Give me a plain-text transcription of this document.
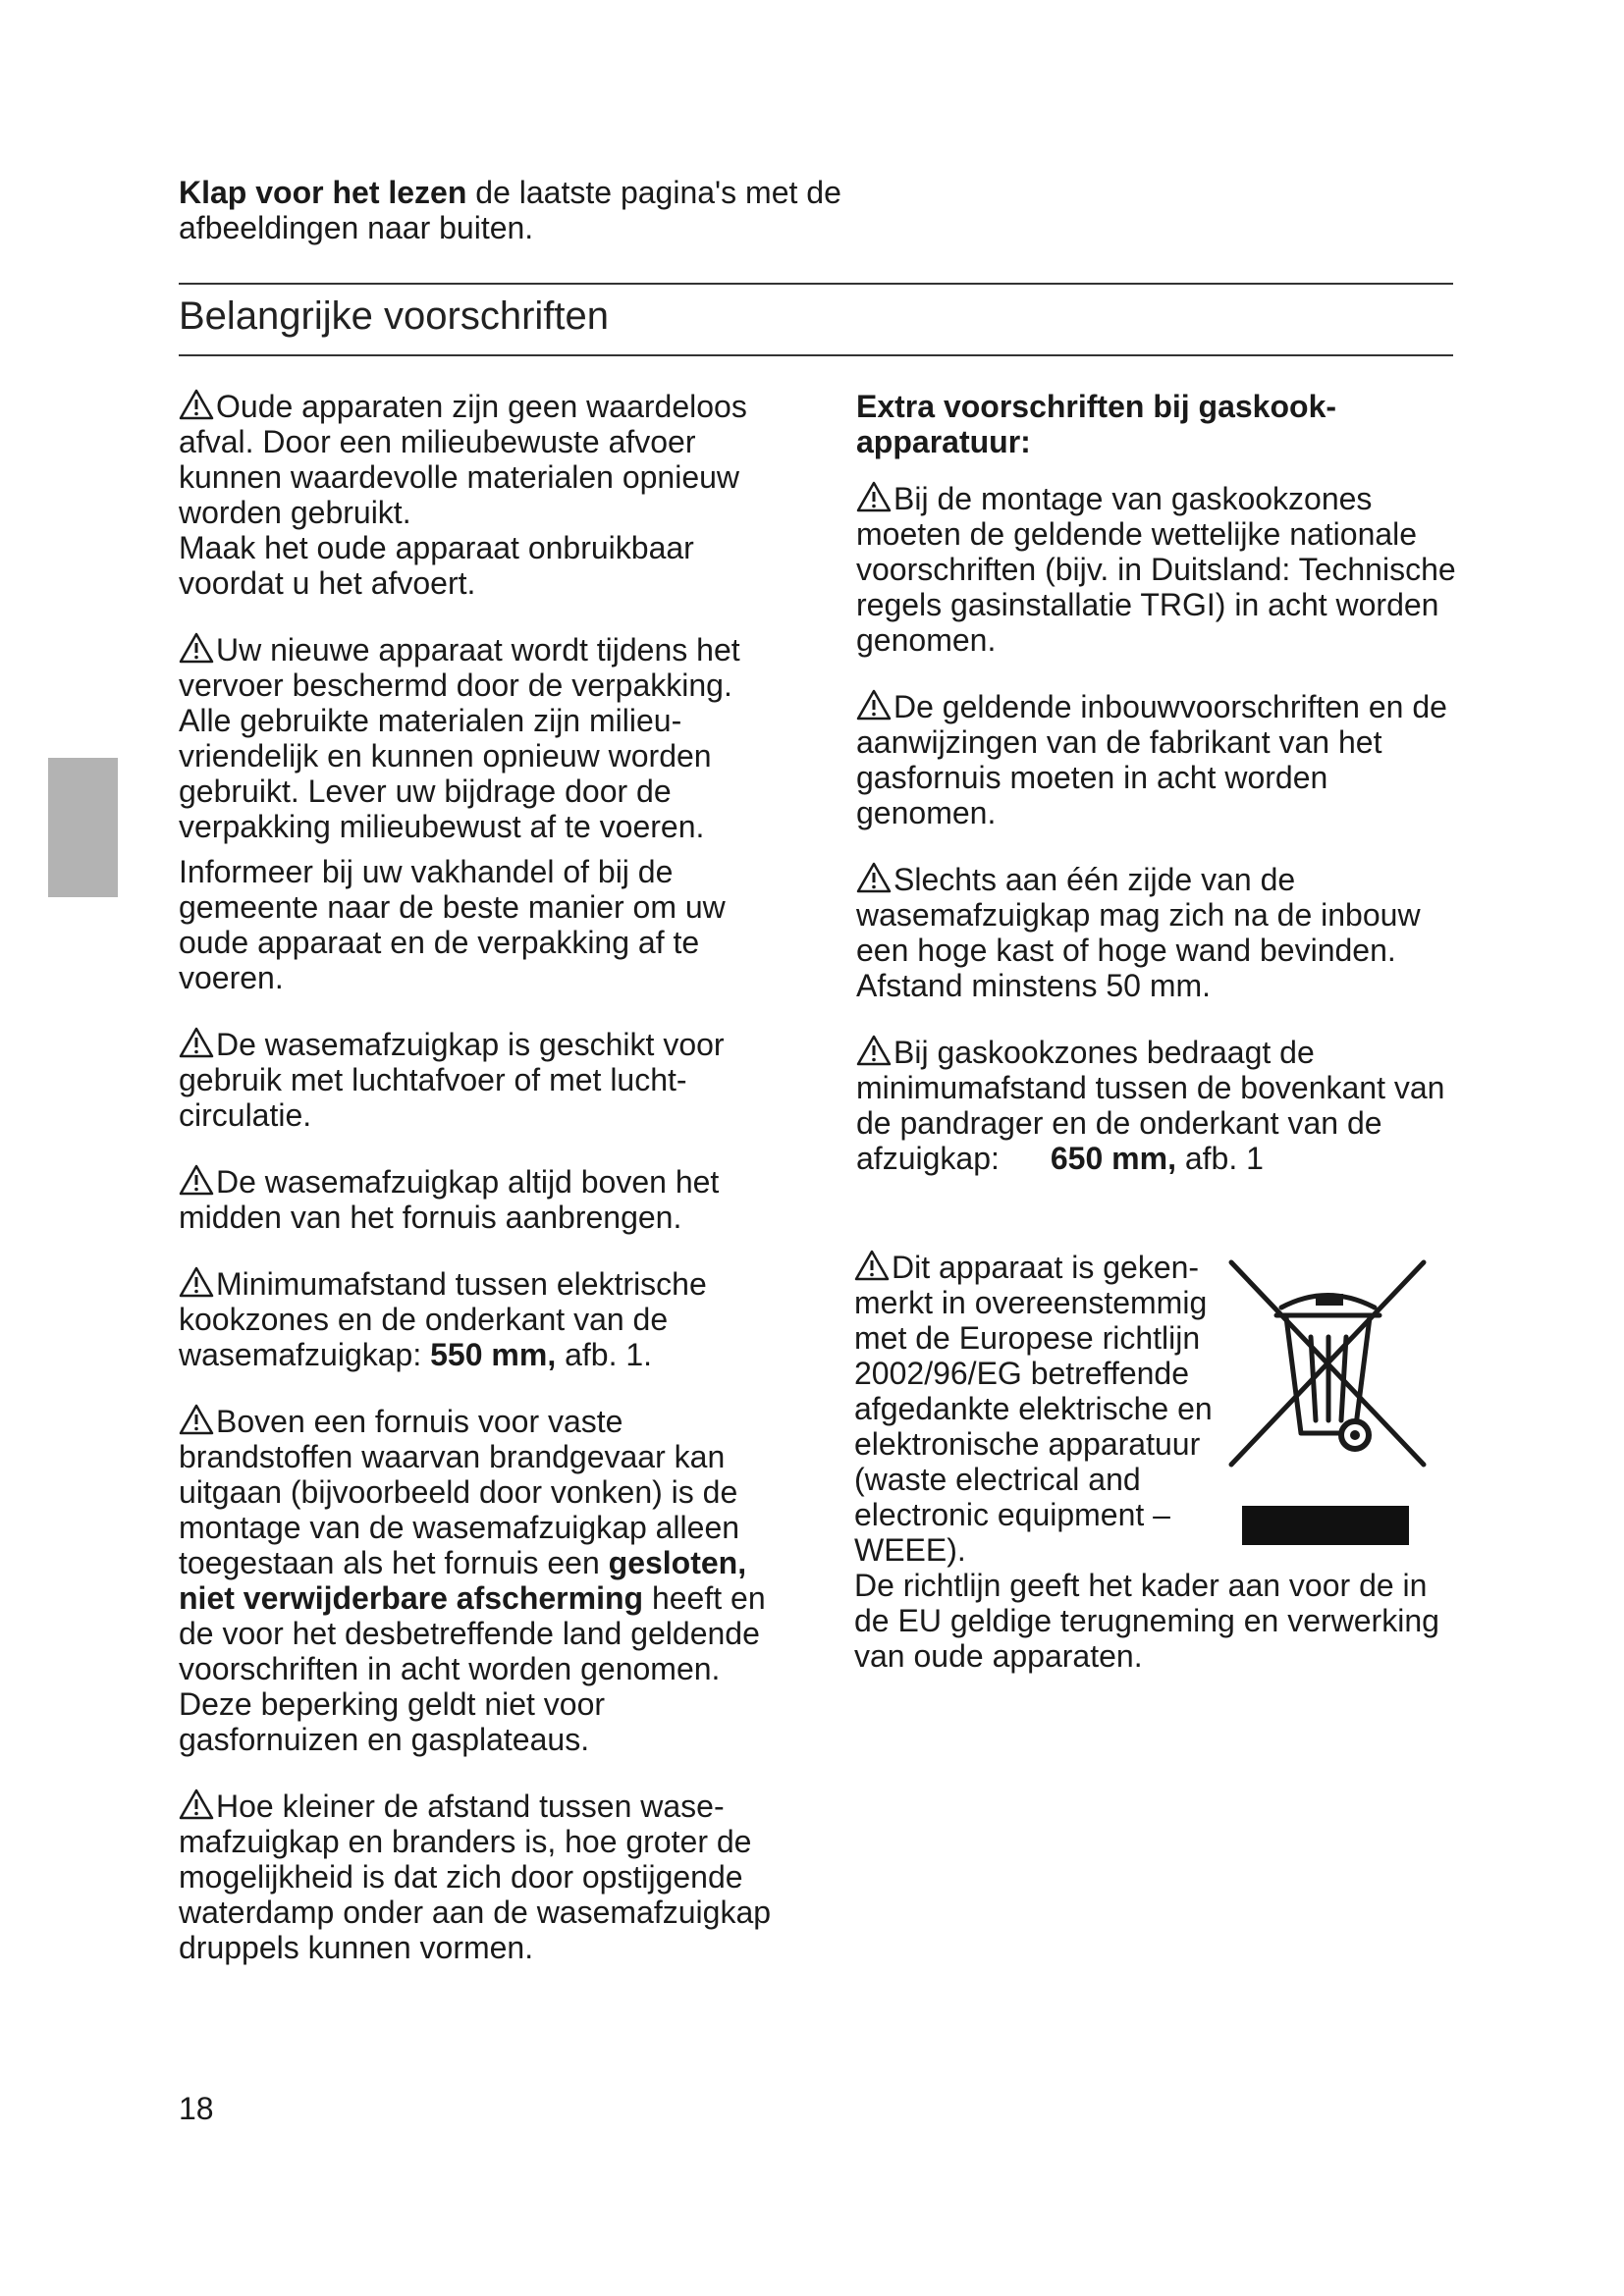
Klap voor het lezen de laatste pagina's met de afbeeldingen naar buiten.

Belangrijke voorschriften

Oude apparaten zijn geen waardeloos afval. Door een milieubewuste afvoer kunnen waardevolle materialen opnieuw worden gebruikt.

Maak het oude apparaat onbruikbaar voordat u het afvoert.

Uw nieuwe apparaat wordt tijdens het vervoer beschermd door de verpakking. Alle gebruikte materialen zijn milieu-vriendelijk en kunnen opnieuw worden gebruikt. Lever uw bijdrage door de verpakking milieubewust af te voeren.

Informeer bij uw vakhandel of bij de gemeente naar de beste manier om uw oude apparaat en de verpakking af te voeren.

De wasemafzuigkap is geschikt voor gebruik met luchtafvoer of met lucht-circulatie.

De wasemafzuigkap altijd boven het midden van het fornuis aanbrengen.

Minimumafstand tussen elektrische kookzones en de onderkant van de wasemafzuigkap: 550 mm, afb. 1.

Boven een fornuis voor vaste brandstoffen waarvan brandgevaar kan uitgaan (bijvoorbeeld door vonken) is de montage van de wasemafzuigkap alleen toegestaan als het fornuis een gesloten, niet verwijderbare afscherming heeft en de voor het desbetreffende land geldende voorschriften in acht worden genomen. Deze beperking geldt niet voor gasfornuizen en gasplateaus.

Hoe kleiner de afstand tussen wase-mafzuigkap en branders is, hoe groter de mogelijkheid is dat zich door opstijgende waterdamp onder aan de wasemafzuigkap druppels kunnen vormen.

Extra voorschriften bij gaskook-apparatuur:

Bij de montage van gaskookzones moeten de geldende wettelijke nationale voorschriften (bijv. in Duitsland: Technische regels gasinstallatie TRGI) in acht worden genomen.

De geldende inbouwvoorschriften en de aanwijzingen van de fabrikant van het gasfornuis moeten in acht worden genomen.

Slechts aan één zijde van de wasemafzuigkap mag zich na de inbouw een hoge kast of hoge wand bevinden. Afstand minstens 50 mm.

Bij gaskookzones bedraagt de minimumafstand tussen de bovenkant van de pandrager en de onderkant van de afzuigkap: 650 mm, afb. 1

Dit apparaat is geken-merkt in overeenstemmig met de Europese richtlijn 2002/96/EG betreffende afgedankte elektrische en elektronische apparatuur (waste electrical and electronic equipment – WEEE).

De richtlijn geeft het kader aan voor de in de EU geldige terugneming en verwerking van oude apparaten.

18
